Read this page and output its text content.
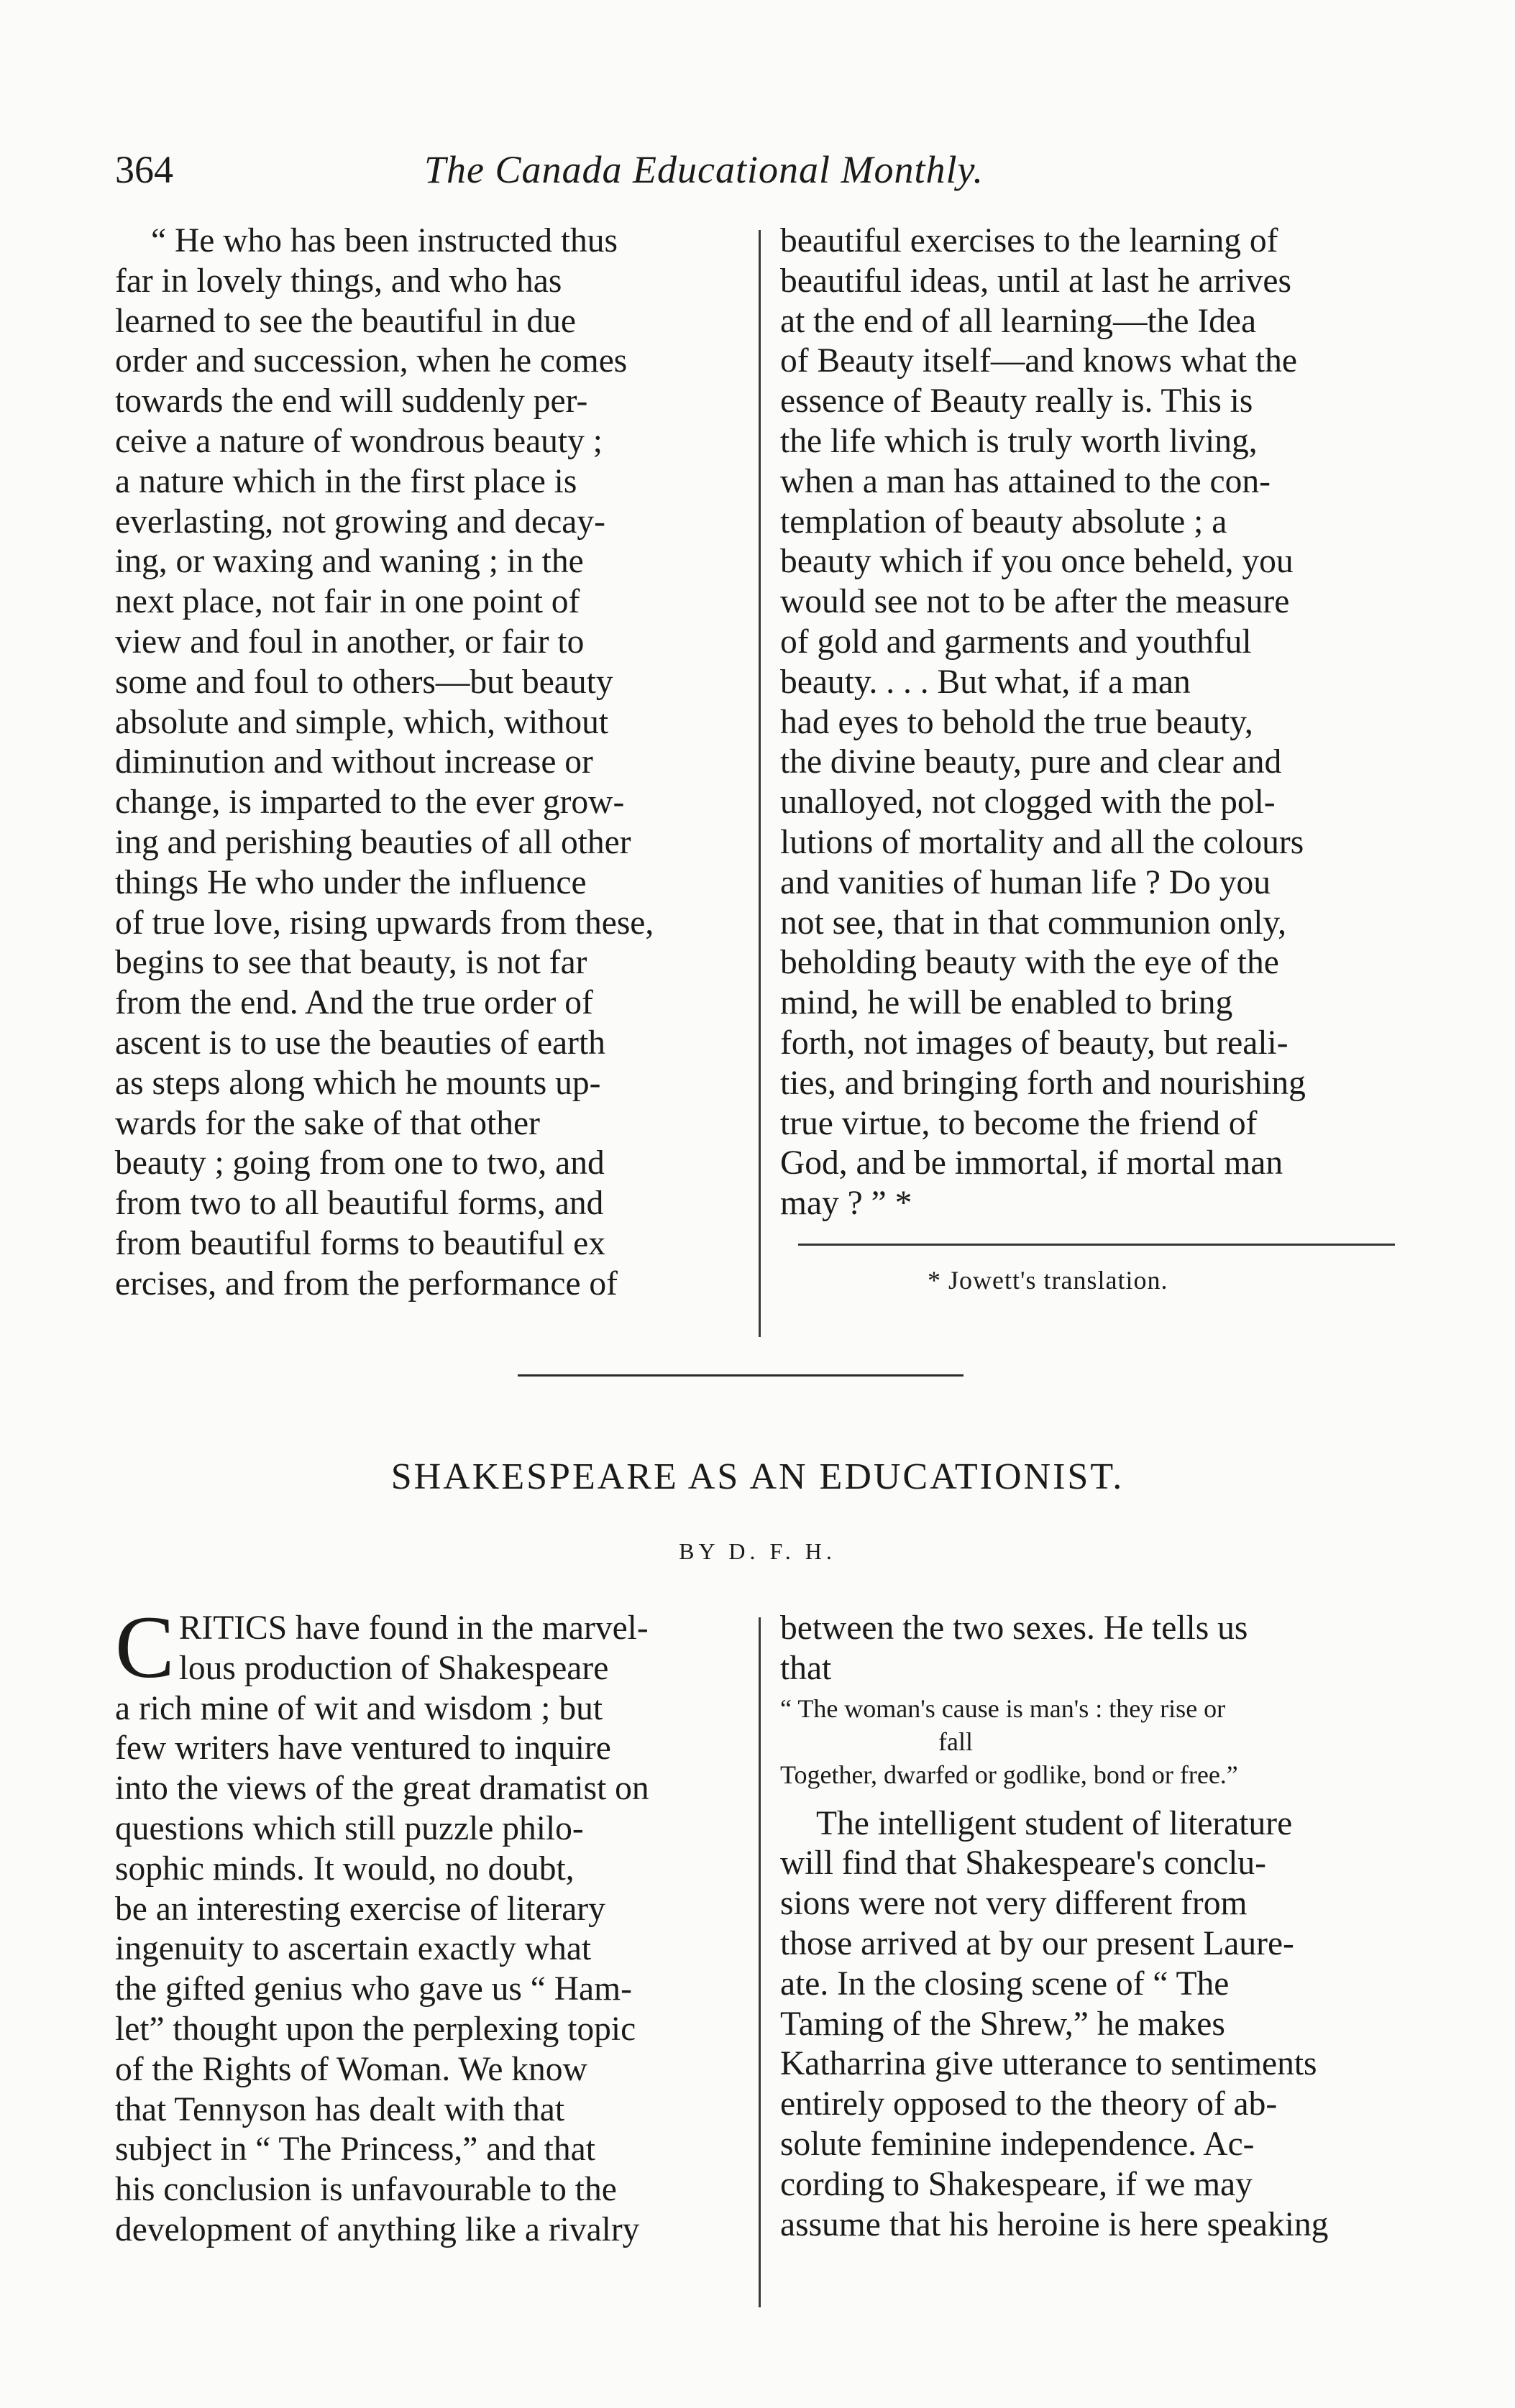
364	The Canada Educational Monthly.
“ He who has been instructed thus
far in lovely things, and who has
learned to see the beautiful in due
order and succession, when he comes
towards the end will suddenly per-
ceive a nature of wondrous beauty ;
a nature which in the first place is
everlasting, not growing and decay-
ing, or waxing and waning ; in the
next place, not fair in one point of
view and foul in another, or fair to
some and foul to others—but beauty
absolute and simple, which, without
diminution and without increase or
change, is imparted to the ever grow-
ing and perishing beauties of all other
things He who under the influence
of true love, rising upwards from these,
begins to see that beauty, is not far
from the end. And the true order of
ascent is to use the beauties of earth
as steps along which he mounts up-
wards for the sake of that other
beauty ; going from one to two, and
from two to all beautiful forms, and
from beautiful forms to beautiful ex
ercises, and from the performance of
beautiful exercises to the learning of
beautiful ideas, until at last he arrives
at the end of all learning—the Idea
of Beauty itself—and knows what the
essence of Beauty really is. This is
the life which is truly worth living,
when a man has attained to the con-
templation of beauty absolute ; a
beauty which if you once beheld, you
would see not to be after the measure
of gold and garments and youthful
beauty. . . . But what, if a man
had eyes to behold the true beauty,
the divine beauty, pure and clear and
unalloyed, not clogged with the pol-
lutions of mortality and all the colours
and vanities of human life ? Do you
not see, that in that communion only,
beholding beauty with the eye of the
mind, he will be enabled to bring
forth, not images of beauty, but reali-
ties, and bringing forth and nourishing
true virtue, to become the friend of
God, and be immortal, if mortal man
may ? ” *
* Jowett's translation.
SHAKESPEARE AS AN EDUCATIONIST.
BY D. F. H.
C RITICS have found in the marvel-
lous production of Shakespeare
a rich mine of wit and wisdom ; but
few writers have ventured to inquire
into the views of the great dramatist on
questions which still puzzle philo-
sophic minds. It would, no doubt,
be an interesting exercise of literary
ingenuity to ascertain exactly what
the gifted genius who gave us “ Ham-
let” thought upon the perplexing topic
of the Rights of Woman. We know
that Tennyson has dealt with that
subject in “ The Princess,” and that
his conclusion is unfavourable to the
development of anything like a rivalry
between the two sexes. He tells us
that
“ The woman's cause is man's : they rise or
fall
Together, dwarfed or godlike, bond or free.”
The intelligent student of literature
will find that Shakespeare's conclu-
sions were not very different from
those arrived at by our present Laure-
ate. In the closing scene of “ The
Taming of the Shrew,” he makes
Katharrina give utterance to sentiments
entirely opposed to the theory of ab-
solute feminine independence. Ac-
cording to Shakespeare, if we may
assume that his heroine is here speaking
